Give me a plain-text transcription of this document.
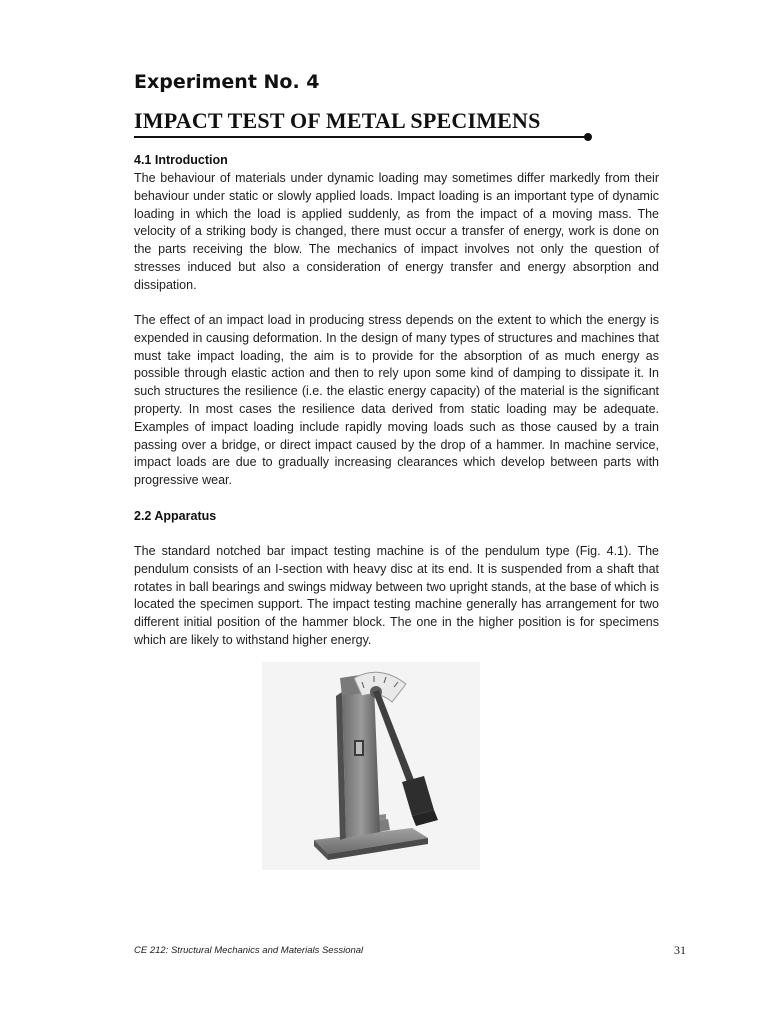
Experiment No. 4
IMPACT TEST OF METAL SPECIMENS
4.1 Introduction

The behaviour of materials under dynamic loading may sometimes differ markedly from their behaviour under static or slowly applied loads. Impact loading is an important type of dynamic loading in which the load is applied suddenly, as from the impact of a moving mass. The velocity of a striking body is changed, there must occur a transfer of energy, work is done on the parts receiving the blow. The mechanics of impact involves not only the question of stresses induced but also a consideration of energy transfer and energy absorption and dissipation.

The effect of an impact load in producing stress depends on the extent to which the energy is expended in causing deformation. In the design of many types of structures and machines that must take impact loading, the aim is to provide for the absorption of as much energy as possible through elastic action and then to rely upon some kind of damping to dissipate it. In such structures the resilience (i.e. the elastic energy capacity) of the material is the significant property. In most cases the resilience data derived from static loading may be adequate. Examples of impact loading include rapidly moving loads such as those caused by a train passing over a bridge, or direct impact caused by the drop of a hammer. In machine service, impact loads are due to gradually increasing clearances which develop between parts with progressive wear.

2.2 Apparatus

The standard notched bar impact testing machine is of the pendulum type (Fig. 4.1). The pendulum consists of an I-section with heavy disc at its end. It is suspended from a shaft that rotates in ball bearings and swings midway between two upright stands, at the base of which is located the specimen support. The impact testing machine generally has arrangement for two different initial position of the hammer block. The one in the higher position is for specimens which are likely to withstand higher energy.

CE 212: Structural Mechanics and Materials Sessional	31
